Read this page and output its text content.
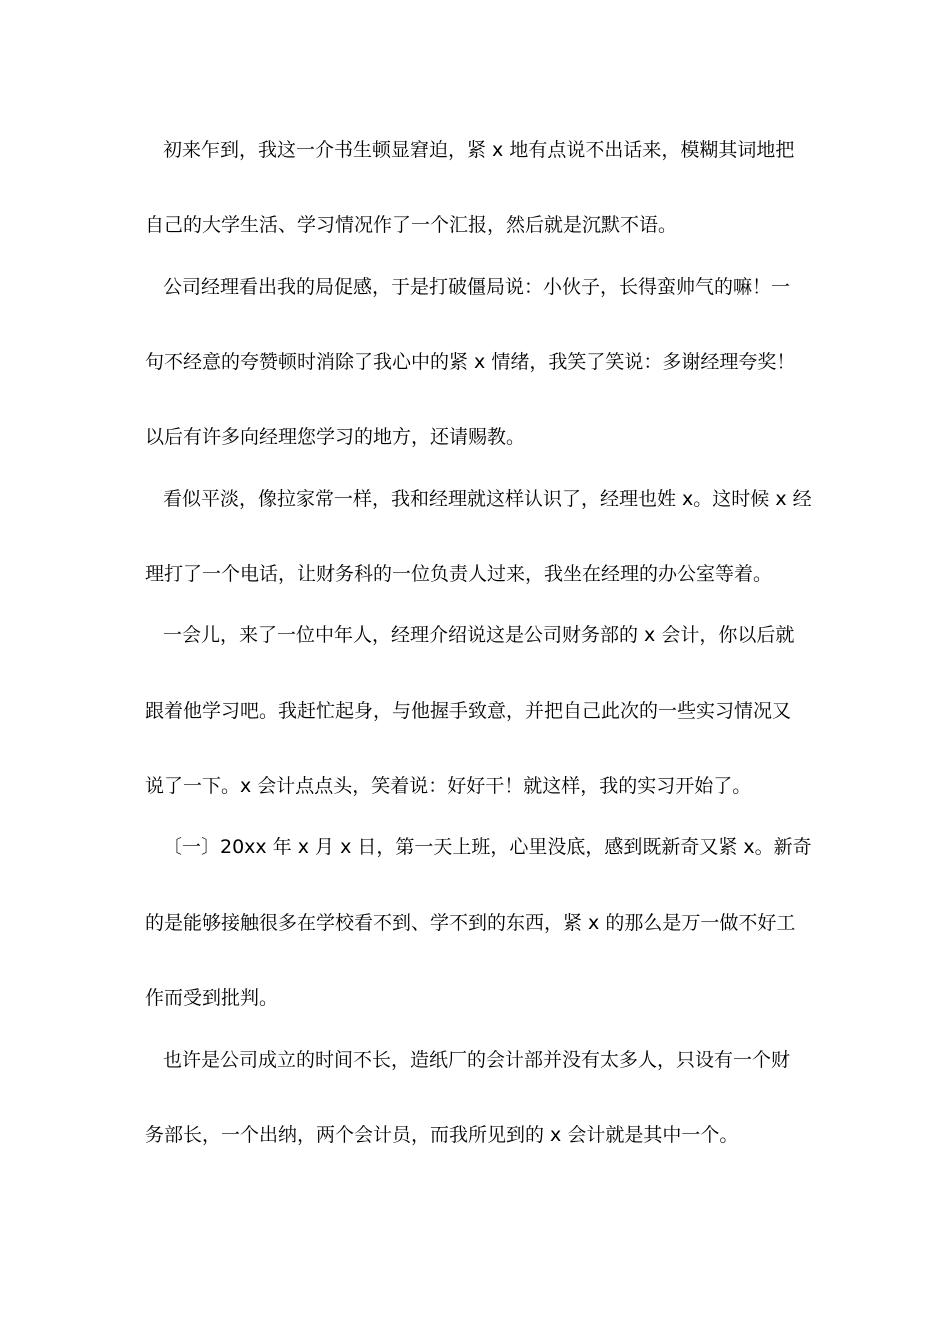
初来乍到，我这一介书生顿显窘迫，紧 x 地有点说不出话来，模糊其词地把
自己的大学生活、学习情况作了一个汇报，然后就是沉默不语。
公司经理看出我的局促感，于是打破僵局说：小伙子，长得蛮帅气的嘛！一
句不经意的夸赞顿时消除了我心中的紧 x 情绪，我笑了笑说：多谢经理夸奖！
以后有许多向经理您学习的地方，还请赐教。
看似平淡，像拉家常一样，我和经理就这样认识了，经理也姓 x。这时候 x 经
理打了一个电话，让财务科的一位负责人过来，我坐在经理的办公室等着。
一会儿，来了一位中年人，经理介绍说这是公司财务部的 x 会计，你以后就
跟着他学习吧。我赶忙起身，与他握手致意，并把自己此次的一些实习情况又
说了一下。x 会计点点头，笑着说：好好干！就这样，我的实习开始了。
〔一〕20xx 年 x 月 x 日，第一天上班，心里没底，感到既新奇又紧 x。新奇
的是能够接触很多在学校看不到、学不到的东西，紧 x 的那么是万一做不好工
作而受到批判。
也许是公司成立的时间不长，造纸厂的会计部并没有太多人，只设有一个财
务部长，一个出纳，两个会计员，而我所见到的 x 会计就是其中一个。
